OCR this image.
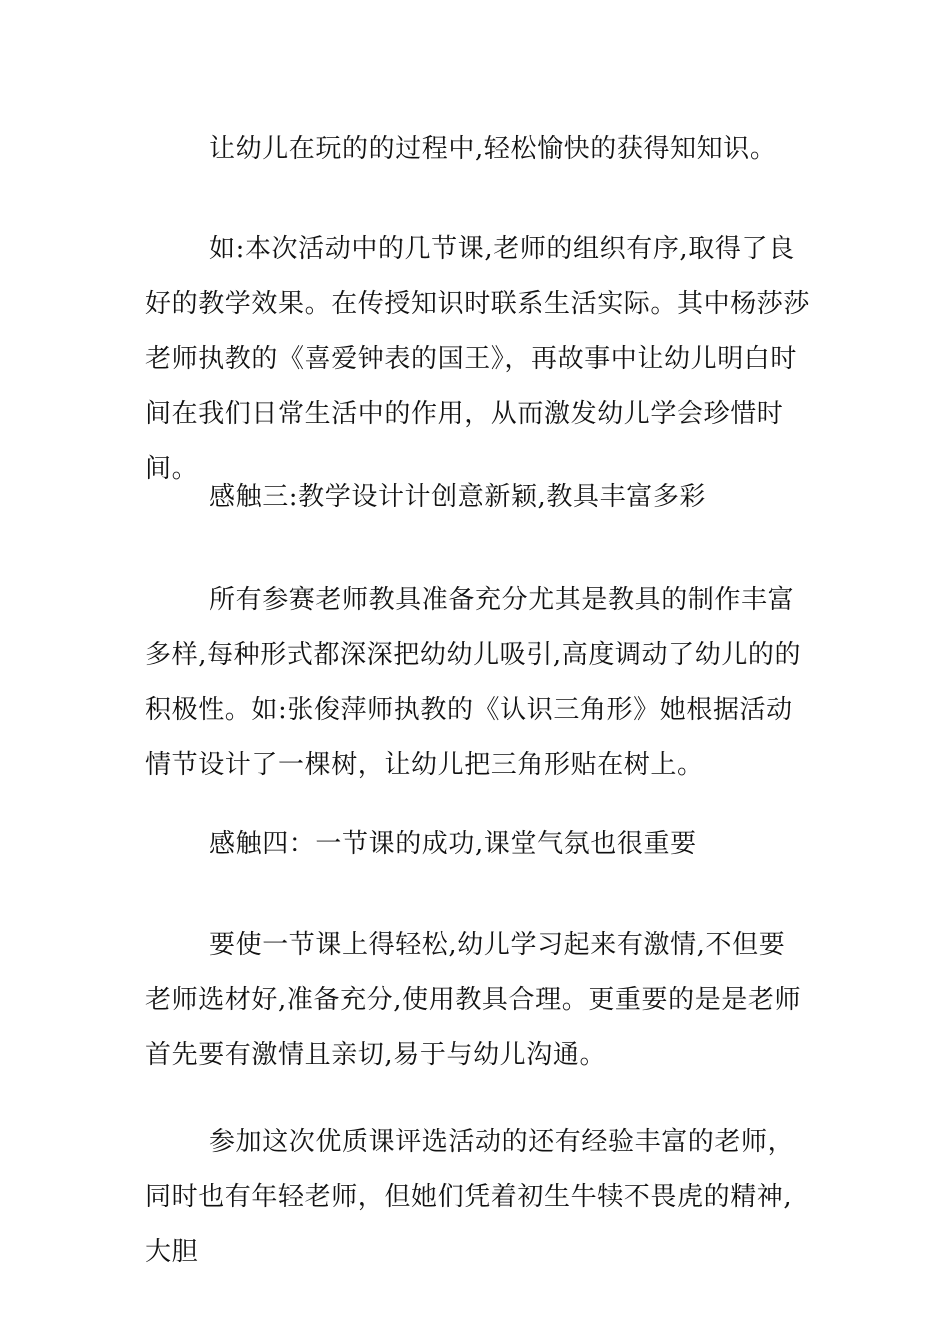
让幼儿在玩的的过程中,轻松愉快的获得知知识。

如:本次活动中的几节课,老师的组织有序,取得了良好的教学效果。在传授知识时联系生活实际。其中杨莎莎老师执教的《喜爱钟表的国王》，再故事中让幼儿明白时间在我们日常生活中的作用，从而激发幼儿学会珍惜时间。

感触三:教学设计计创意新颖,教具丰富多彩

所有参赛老师教具准备充分尤其是教具的制作丰富多样,每种形式都深深把幼幼儿吸引,高度调动了幼儿的的积极性。如:张俊萍师执教的《认识三角形》她根据活动情节设计了一棵树，让幼儿把三角形贴在树上。

感触四：一节课的成功,课堂气氛也很重要

要使一节课上得轻松,幼儿学习起来有激情,不但要老师选材好,准备充分,使用教具合理。更重要的是是老师首先要有激情且亲切,易于与幼儿沟通。

参加这次优质课评选活动的还有经验丰富的老师，同时也有年轻老师，但她们凭着初生牛犊不畏虎的精神,大胆
